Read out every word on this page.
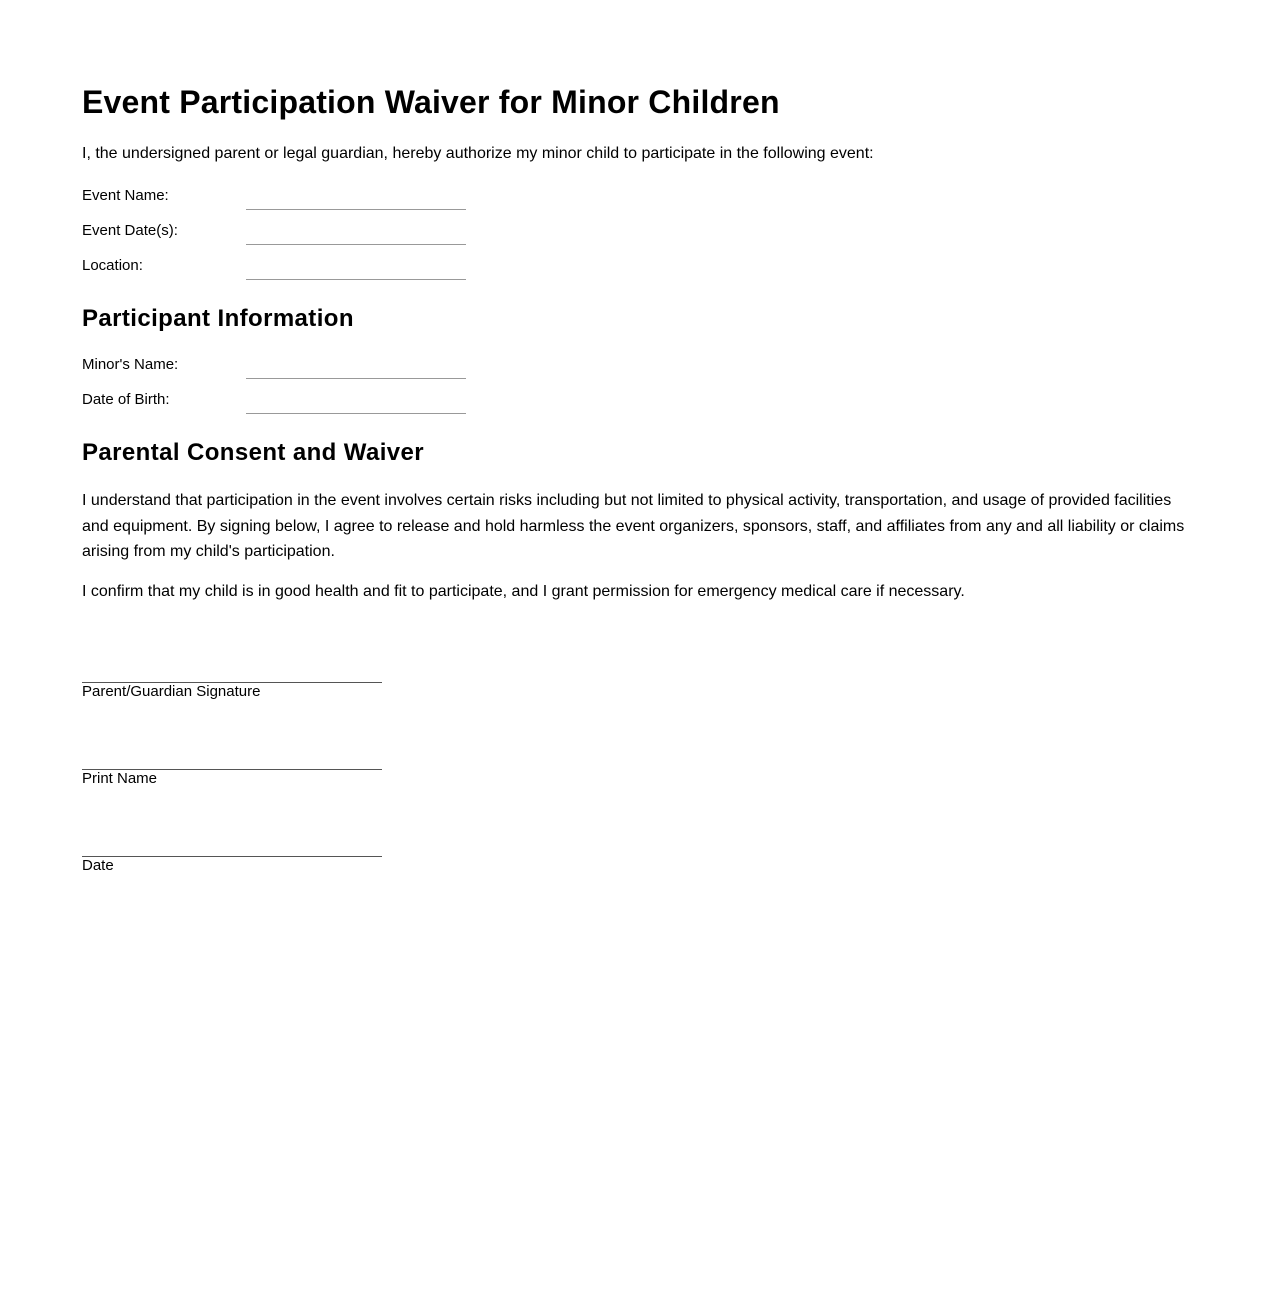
Event Participation Waiver for Minor Children

I, the undersigned parent or legal guardian, hereby authorize my minor child to participate in the following event:

Event Name:
Event Date(s):
Location:
Participant Information
Minor's Name:
Date of Birth:
Parental Consent and Waiver

I understand that participation in the event involves certain risks including but not limited to physical activity, transportation, and usage of provided facilities and equipment. By signing below, I agree to release and hold harmless the event organizers, sponsors, staff, and affiliates from any and all liability or claims arising from my child's participation.

I confirm that my child is in good health and fit to participate, and I grant permission for emergency medical care if necessary.

Parent/Guardian Signature
Print Name
Date
